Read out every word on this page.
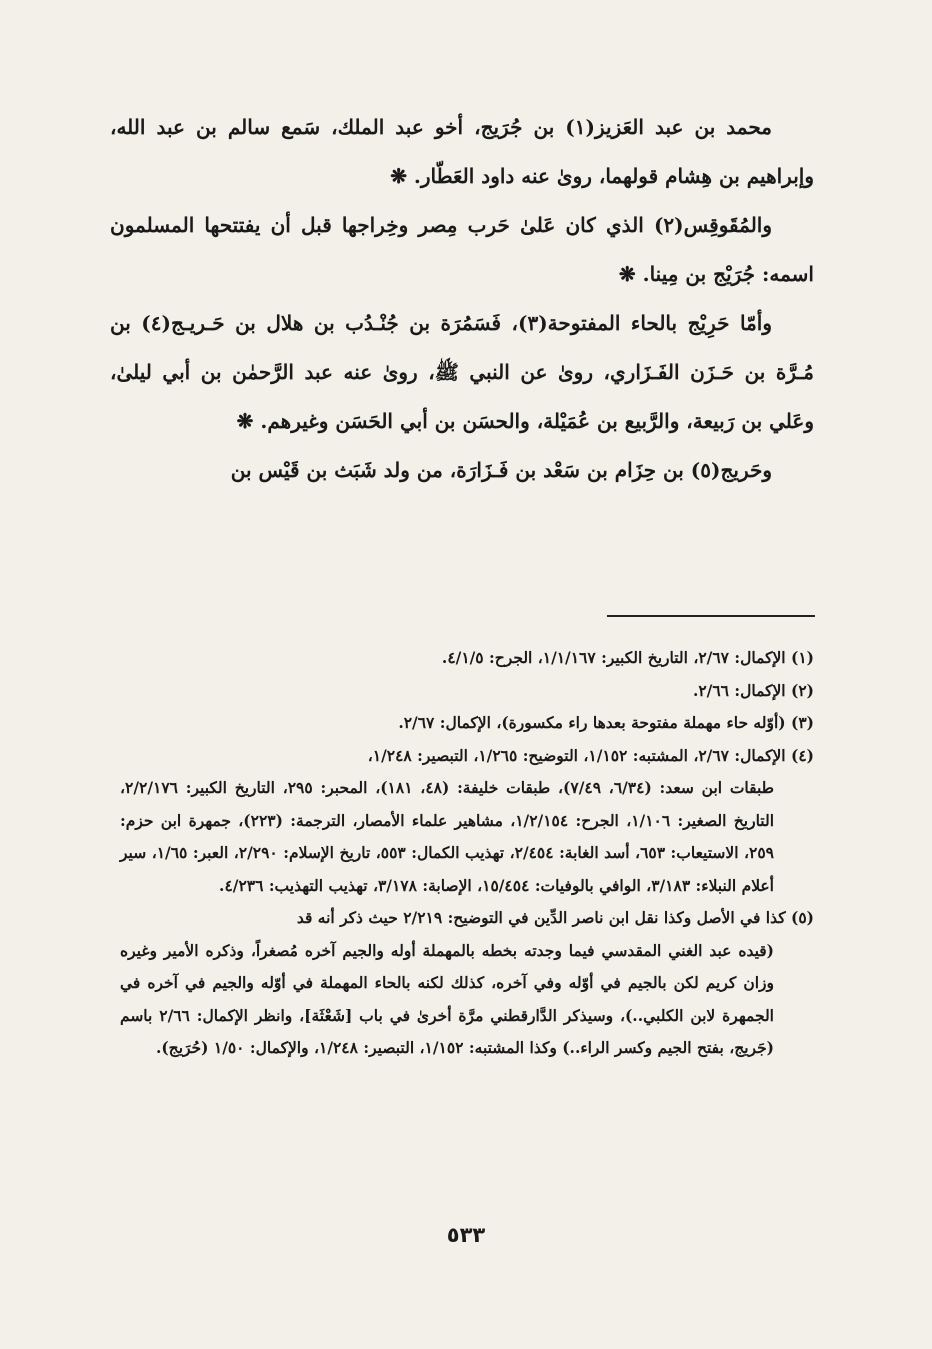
محمد بن عبد العَزيز(١) بن جُرَيج، أخو عبد الملك، سَمع سالم بن عبد الله، وإبراهيم بن هِشام قولهما، روىٰ عنه داود العَطّار. ❋

والمُقَوقِس(٢) الذي كان عَلىٰ حَرب مِصر وخِراجها قبل أن يفتتحها المسلمون اسمه: جُرَيْج بن مِينا. ❋

وأمّا حَرِيْج بالحاء المفتوحة(٣)، فَسَمُرَة بن جُنْـدُب بن هلال بن حَـريـج(٤) بن مُـرَّة بن حَـزَن الفَـزَاري، روىٰ عن النبي ﷺ، روىٰ عنه عبد الرَّحمٰن بن أبي ليلىٰ، وعَلي بن رَبيعة، والرَّبيع بن عُمَيْلة، والحسَن بن أبي الحَسَن وغيرهم. ❋

وحَريج(٥) بن حِزَام بن سَعْد بن فَـزَارَة، من ولد شَبَث بن قَيْس بن

(١) الإكمال: ٢/٦٧، التاريخ الكبير: ١/١/١٦٧، الجرح: ٤/١/٥.

(٢) الإكمال: ٢/٦٦.

(٣) (أوّله حاء مهملة مفتوحة بعدها راء مكسورة)، الإكمال: ٢/٦٧.

(٤) الإكمال: ٢/٦٧، المشتبه: ١/١٥٢، التوضيح: ١/٢٦٥، التبصير: ١/٢٤٨،
طبقات ابن سعد: (٦/٣٤، ٧/٤٩)، طبقات خليفة: (٤٨، ١٨١)، المحبر: ٢٩٥، التاريخ الكبير: ٢/٢/١٧٦، التاريخ الصغير: ١/١٠٦، الجرح: ١/٢/١٥٤، مشاهير علماء الأمصار، الترجمة: (٢٢٣)، جمهرة ابن حزم: ٢٥٩، الاستيعاب: ٦٥٣، أسد الغابة: ٢/٤٥٤، تهذيب الكمال: ٥٥٣، تاريخ الإسلام: ٢/٢٩٠، العبر: ١/٦٥، سير أعلام النبلاء: ٣/١٨٣، الوافي بالوفيات: ١٥/٤٥٤، الإصابة: ٣/١٧٨، تهذيب التهذيب: ٤/٢٣٦.
(٥) كذا في الأصل وكذا نقل ابن ناصر الدِّين في التوضيح: ٢/٢١٩ حيث ذكر أنه قد
(قيده عبد الغني المقدسي فيما وجدته بخطه بالمهملة أوله والجيم آخره مُصغراً، وذكره الأمير وغيره وزان كريم لكن بالجيم في أوّله وفي آخره، كذلك لكنه بالحاء المهملة في أوّله والجيم في آخره في الجمهرة لابن الكلبي..)، وسيذكر الدَّارقطني مرَّة أخرىٰ في باب [شَعْثَة]، وانظر الإكمال: ٢/٦٦ باسم (جَريج، بفتح الجيم وكسر الراء..) وكذا المشتبه: ١/١٥٢، التبصير: ١/٢٤٨، والإكمال: ١/٥٠ (حُرَيج).
٥٣٣
